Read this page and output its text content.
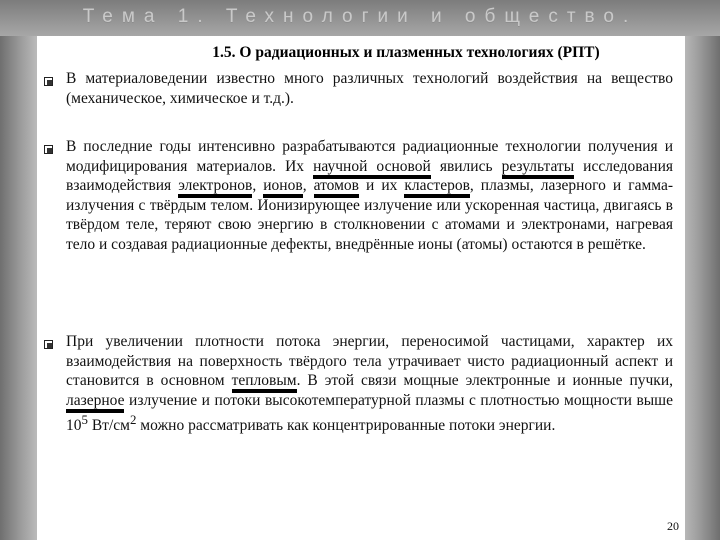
Тема 1. Технологии и общество.
1.5. О радиационных и плазменных технологиях (РПТ)
В материаловедении известно много различных технологий воздействия на вещество (механическое, химическое и т.д.).
В последние годы интенсивно разрабатываются радиационные технологии получения и модифицирования материалов. Их научной основой явились результаты исследования взаимодействия электронов, ионов, атомов и их кластеров, плазмы, лазерного и гамма-излучения с твёрдым телом. Ионизирующее излучение или ускоренная частица, двигаясь в твёрдом теле, теряют свою энергию в столкновении с атомами и электронами, нагревая тело и создавая радиационные дефекты, внедрённые ионы (атомы) остаются в решётке.
При увеличении плотности потока энергии, переносимой частицами, характер их взаимодействия на поверхность твёрдого тела утрачивает чисто радиационный аспект и становится в основном тепловым. В этой связи мощные электронные и ионные пучки, лазерное излучение и потоки высокотемпературной плазмы с плотностью мощности выше $10^5$ $Вт/см^2$ можно рассматривать как концентрированные потоки энергии.
20
